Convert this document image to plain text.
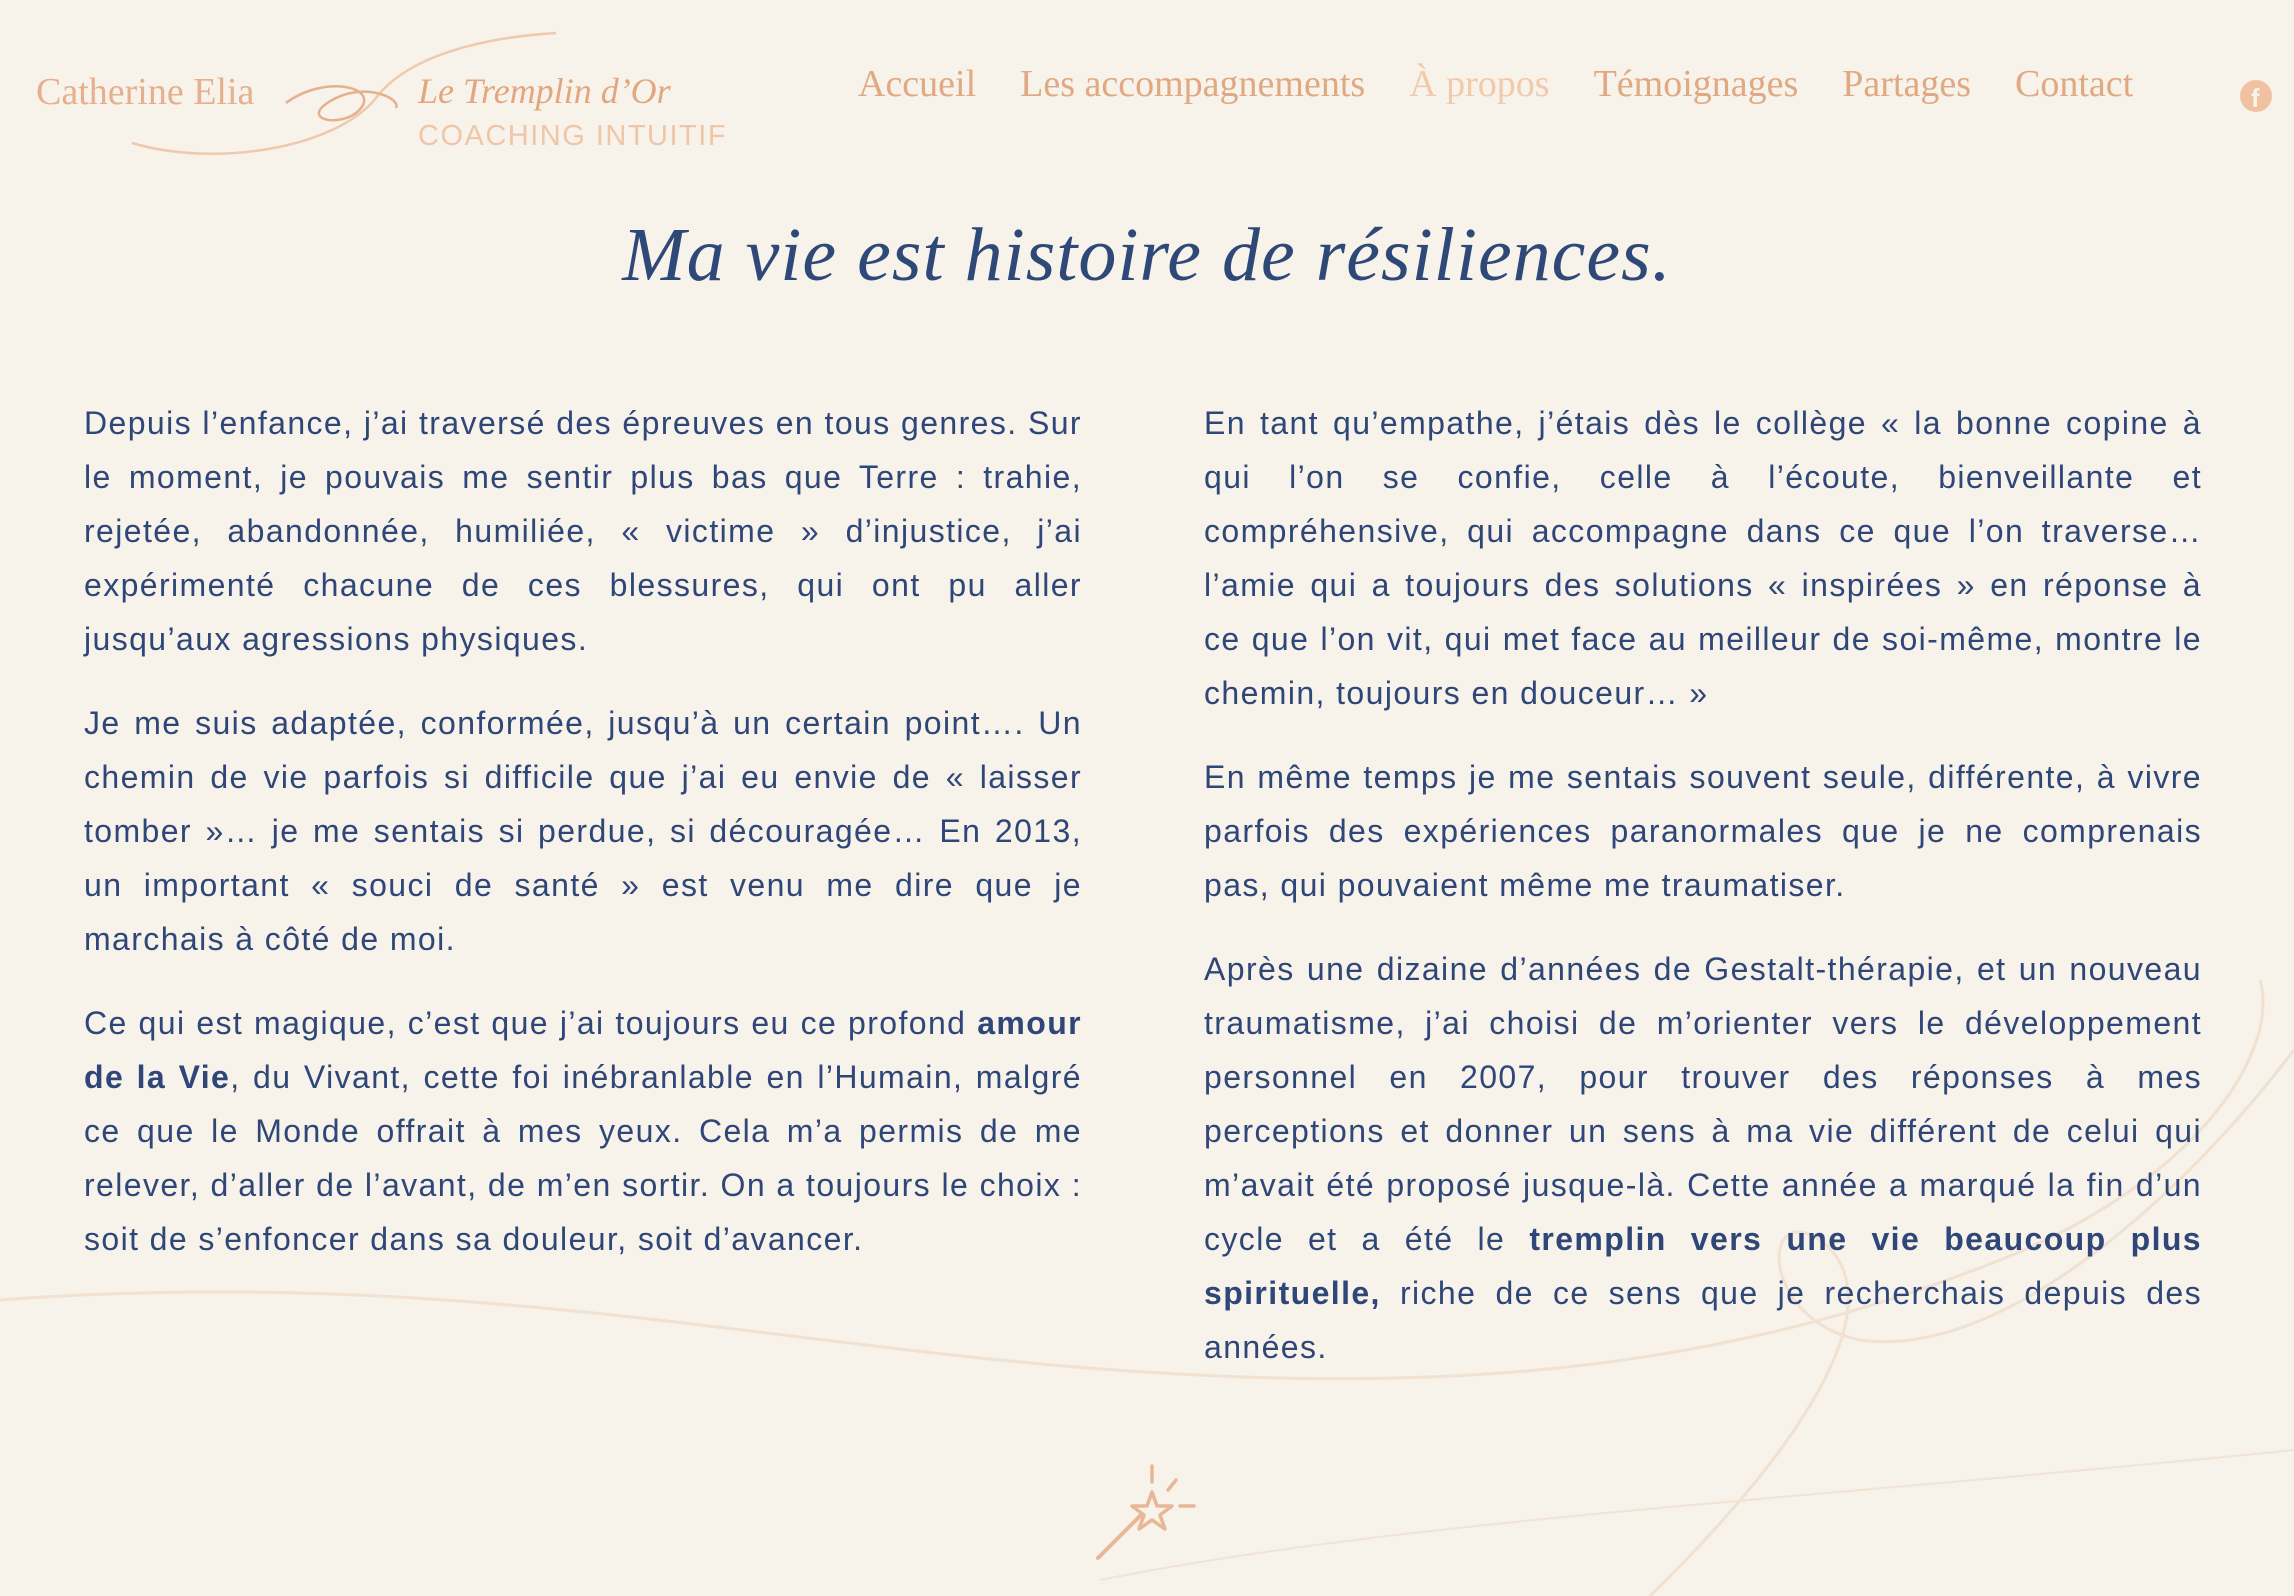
Catherine Elia	Le Tremplin d’Or
COACHING INTUITIF
Accueil Les accompagnements À propos Témoignages Partages Contact	f
Ma vie est histoire de résiliences.

Depuis l’enfance, j’ai traversé des épreuves en tous genres. Sur le moment, je pouvais me sentir plus bas que Terre : trahie, rejetée, abandonnée, humiliée, « victime » d’injustice, j’ai expérimenté chacune de ces blessures, qui ont pu aller jusqu’aux agressions physiques.

Je me suis adaptée, conformée, jusqu’à un certain point…. Un chemin de vie parfois si difficile que j’ai eu envie de « laisser tomber »… je me sentais si perdue, si découragée… En 2013, un important « souci de santé » est venu me dire que je marchais à côté de moi.

Ce qui est magique, c’est que j’ai toujours eu ce profond amour de la Vie, du Vivant, cette foi inébranlable en l’Humain, malgré ce que le Monde offrait à mes yeux. Cela m’a permis de me relever, d’aller de l’avant, de m’en sortir. On a toujours le choix : soit de s’enfoncer dans sa douleur, soit d’avancer.

En tant qu’empathe, j’étais dès le collège « la bonne copine à qui l’on se confie, celle à l’écoute, bienveillante et compréhensive, qui accompagne dans ce que l’on traverse… l’amie qui a toujours des solutions « inspirées » en réponse à ce que l’on vit, qui met face au meilleur de soi-même, montre le chemin, toujours en douceur… »

En même temps je me sentais souvent seule, différente, à vivre parfois des expériences paranormales que je ne comprenais pas, qui pouvaient même me traumatiser.

Après une dizaine d’années de Gestalt-thérapie, et un nouveau traumatisme, j’ai choisi de m’orienter vers le développement personnel en 2007, pour trouver des réponses à mes perceptions et donner un sens à ma vie différent de celui qui m’avait été proposé jusque-là. Cette année a marqué la fin d’un cycle et a été le tremplin vers une vie beaucoup plus spirituelle, riche de ce sens que je recherchais depuis des années.
